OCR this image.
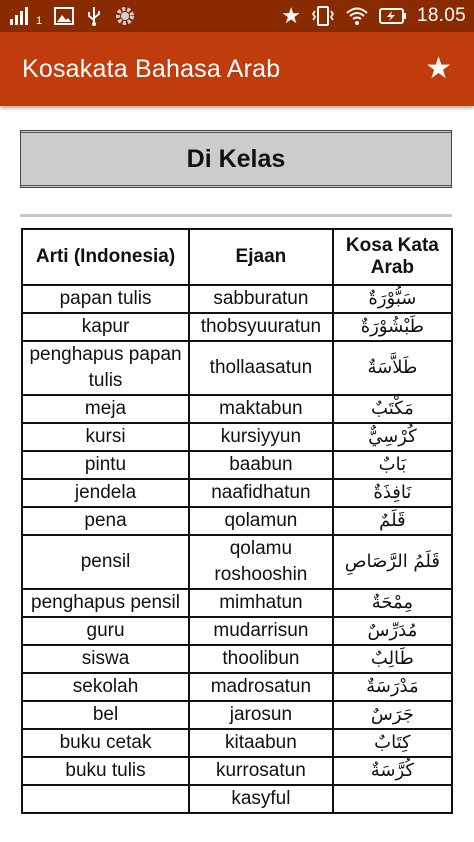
1	★	18.05
Kosakata Bahasa Arab	★
Di Kelas
Arti (Indonesia)	Ejaan	Kosa Kata Arab
papan tulis	sabburatun	سَبُّوْرَةٌ
kapur	thobsyuuratun	طَبْشُوْرَةٌ
penghapus papan tulis	thollaasatun	طَلاَّسَةٌ
meja	maktabun	مَكْتَبٌ
kursi	kursiyyun	كُرْسِيٌّ
pintu	baabun	بَابٌ
jendela	naafidhatun	نَافِذَةٌ
pena	qolamun	قَلَمٌ
pensil	qolamu roshooshin	قَلَمُ الرَّصَاصِ
penghapus pensil	mimhatun	مِمْحَةٌ
guru	mudarrisun	مُدَرِّسٌ
siswa	thoolibun	طَالِبٌ
sekolah	madrosatun	مَدْرَسَةٌ
bel	jarosun	جَرَسٌ
buku cetak	kitaabun	كِتَابٌ
buku tulis	kurrosatun	كُرَّسَةٌ
	kasyful	
